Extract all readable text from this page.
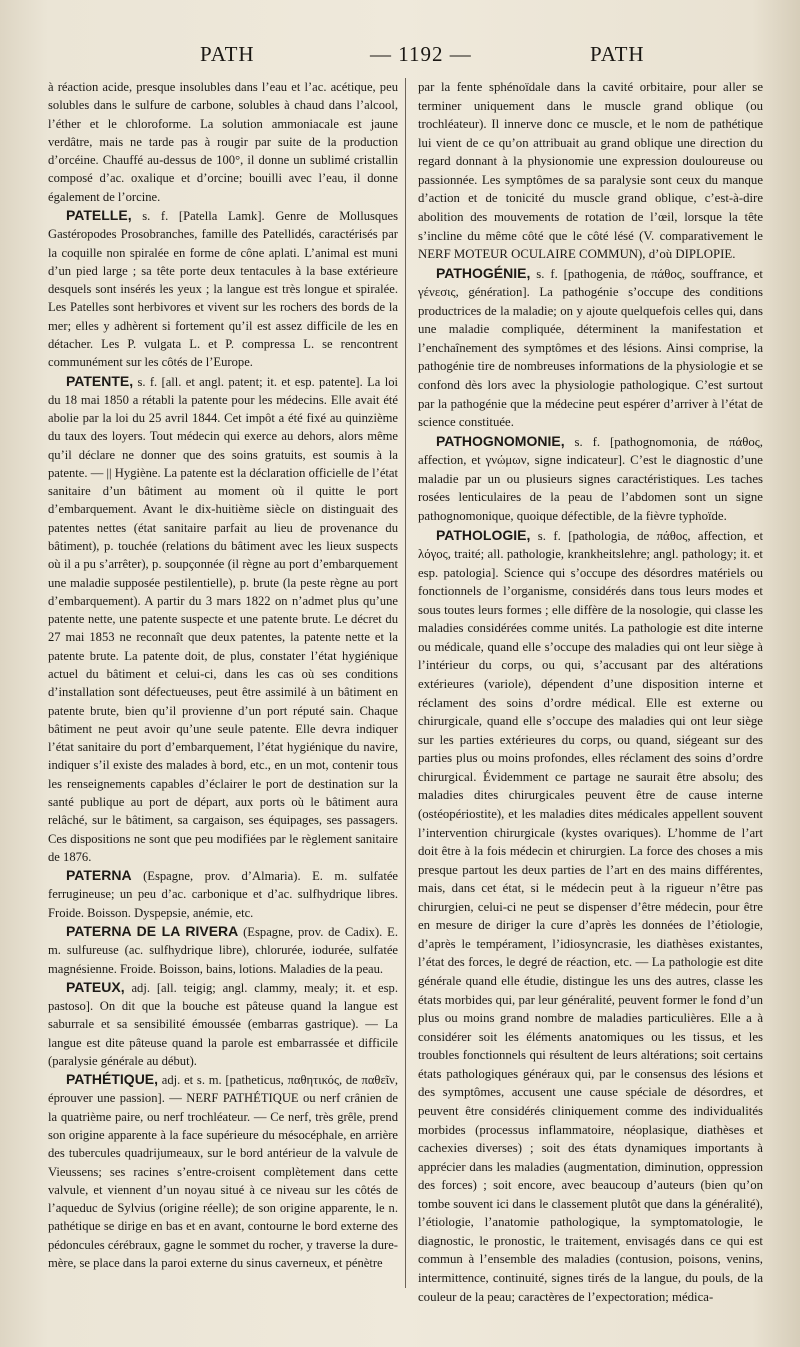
PATH	— 1192 —	PATH

à réaction acide, presque insolubles dans l’eau et l’ac. acétique, peu solubles dans le sulfure de carbone, solubles à chaud dans l’alcool, l’éther et le chloroforme. La solution ammoniacale est jaune verdâtre, mais ne tarde pas à rougir par suite de la production d’orcéine. Chauffé au-dessus de 100°, il donne un sublimé cristallin composé d’ac. oxalique et d’orcine; bouilli avec l’eau, il donne également de l’orcine.

PATELLE, s. f. [Patella Lamk]. Genre de Mollusques Gastéropodes Prosobranches, famille des Patellidés, caractérisés par la coquille non spiralée en forme de cône aplati. L’animal est muni d’un pied large ; sa tête porte deux tentacules à la base extérieure desquels sont insérés les yeux ; la langue est très longue et spiralée. Les Patelles sont herbivores et vivent sur les rochers des bords de la mer; elles y adhèrent si fortement qu’il est assez difficile de les en détacher. Les P. vulgata L. et P. compressa L. se rencontrent communément sur les côtés de l’Europe.

PATENTE, s. f. [all. et angl. patent; it. et esp. patente]. La loi du 18 mai 1850 a rétabli la patente pour les médecins. Elle avait été abolie par la loi du 25 avril 1844. Cet impôt a été fixé au quinzième du taux des loyers. Tout médecin qui exerce au dehors, alors même qu’il déclare ne donner que des soins gratuits, est soumis à la patente. — || Hygiène. La patente est la déclaration officielle de l’état sanitaire d’un bâtiment au moment où il quitte le port d’embarquement. Avant le dix-huitième siècle on distinguait des patentes nettes (état sanitaire parfait au lieu de provenance du bâtiment), p. touchée (relations du bâtiment avec les lieux suspects où il a pu s’arrêter), p. soupçonnée (il règne au port d’embarquement une maladie supposée pestilentielle), p. brute (la peste règne au port d’embarquement). A partir du 3 mars 1822 on n’admet plus qu’une patente nette, une patente suspecte et une patente brute. Le décret du 27 mai 1853 ne reconnaît que deux patentes, la patente nette et la patente brute. La patente doit, de plus, constater l’état hygiénique actuel du bâtiment et celui-ci, dans les cas où ses conditions d’installation sont défectueuses, peut être assimilé à un bâtiment en patente brute, bien qu’il provienne d’un port réputé sain. Chaque bâtiment ne peut avoir qu’une seule patente. Elle devra indiquer l’état sanitaire du port d’embarquement, l’état hygiénique du navire, indiquer s’il existe des malades à bord, etc., en un mot, contenir tous les renseignements capables d’éclairer le port de destination sur la santé publique au port de départ, aux ports où le bâtiment aura relâché, sur le bâtiment, sa cargaison, ses équipages, ses passagers. Ces dispositions ne sont que peu modifiées par le règlement sanitaire de 1876.

PATERNA (Espagne, prov. d’Almaria). E. m. sulfatée ferrugineuse; un peu d’ac. carbonique et d’ac. sulfhydrique libres. Froide. Boisson. Dyspepsie, anémie, etc.

PATERNA DE LA RIVERA (Espagne, prov. de Cadix). E. m. sulfureuse (ac. sulfhydrique libre), chlorurée, iodurée, sulfatée magnésienne. Froide. Boisson, bains, lotions. Maladies de la peau.

PATEUX, adj. [all. teigig; angl. clammy, mealy; it. et esp. pastoso]. On dit que la bouche est pâteuse quand la langue est saburrale et sa sensibilité émoussée (embarras gastrique). — La langue est dite pâteuse quand la parole est embarrassée et difficile (paralysie générale au début).

PATHÉTIQUE, adj. et s. m. [patheticus, παθητικός, de παθεῖν, éprouver une passion]. — NERF PATHÉTIQUE ou nerf crânien de la quatrième paire, ou nerf trochléateur. — Ce nerf, très grêle, prend son origine apparente à la face supérieure du mésocéphale, en arrière des tubercules quadrijumeaux, sur le bord antérieur de la valvule de Vieussens; ses racines s’entre-croisent complètement dans cette valvule, et viennent d’un noyau situé à ce niveau sur les côtés de l’aqueduc de Sylvius (origine réelle); de son origine apparente, le n. pathétique se dirige en bas et en avant, contourne le bord externe des pédoncules cérébraux, gagne le sommet du rocher, y traverse la dure-mère, se place dans la paroi externe du sinus caverneux, et pénètre

par la fente sphénoïdale dans la cavité orbitaire, pour aller se terminer uniquement dans le muscle grand oblique (ou trochléateur). Il innerve donc ce muscle, et le nom de pathétique lui vient de ce qu’on attribuait au grand oblique une direction du regard donnant à la physionomie une expression douloureuse ou passionnée. Les symptômes de sa paralysie sont ceux du manque d’action et de tonicité du muscle grand oblique, c’est-à-dire abolition des mouvements de rotation de l’œil, lorsque la tête s’incline du même côté que le côté lésé (V. comparativement le NERF MOTEUR OCULAIRE COMMUN), d’où DIPLOPIE.

PATHOGÉNIE, s. f. [pathogenia, de πάθος, souffrance, et γένεσις, génération]. La pathogénie s’occupe des conditions productrices de la maladie; on y ajoute quelquefois celles qui, dans une maladie compliquée, déterminent la manifestation et l’enchaînement des symptômes et des lésions. Ainsi comprise, la pathogénie tire de nombreuses informations de la physiologie et se confond dès lors avec la physiologie pathologique. C’est surtout par la pathogénie que la médecine peut espérer d’arriver à l’état de science constituée.

PATHOGNOMONIE, s. f. [pathognomonia, de πάθος, affection, et γνώμων, signe indicateur]. C’est le diagnostic d’une maladie par un ou plusieurs signes caractéristiques. Les taches rosées lenticulaires de la peau de l’abdomen sont un signe pathognomonique, quoique défectible, de la fièvre typhoïde.

PATHOLOGIE, s. f. [pathologia, de πάθος, affection, et λόγος, traité; all. pathologie, krankheitslehre; angl. pathology; it. et esp. patologia]. Science qui s’occupe des désordres matériels ou fonctionnels de l’organisme, considérés dans tous leurs modes et sous toutes leurs formes ; elle diffère de la nosologie, qui classe les maladies considérées comme unités. La pathologie est dite interne ou médicale, quand elle s’occupe des maladies qui ont leur siège à l’intérieur du corps, ou qui, s’accusant par des altérations extérieures (variole), dépendent d’une disposition interne et réclament des soins d’ordre médical. Elle est externe ou chirurgicale, quand elle s’occupe des maladies qui ont leur siège sur les parties extérieures du corps, ou quand, siégeant sur des parties plus ou moins profondes, elles réclament des soins d’ordre chirurgical. Évidemment ce partage ne saurait être absolu; des maladies dites chirurgicales peuvent être de cause interne (ostéopériostite), et les maladies dites médicales appellent souvent l’intervention chirurgicale (kystes ovariques). L’homme de l’art doit être à la fois médecin et chirurgien. La force des choses a mis presque partout les deux parties de l’art en des mains différentes, mais, dans cet état, si le médecin peut à la rigueur n’être pas chirurgien, celui-ci ne peut se dispenser d’être médecin, pour être en mesure de diriger la cure d’après les données de l’étiologie, d’après le tempérament, l’idiosyncrasie, les diathèses existantes, l’état des forces, le degré de réaction, etc. — La pathologie est dite générale quand elle étudie, distingue les uns des autres, classe les états morbides qui, par leur généralité, peuvent former le fond d’un plus ou moins grand nombre de maladies particulières. Elle a à considérer soit les éléments anatomiques ou les tissus, et les troubles fonctionnels qui résultent de leurs altérations; soit certains états pathologiques généraux qui, par le consensus des lésions et des symptômes, accusent une cause spéciale de désordres, et peuvent être considérés cliniquement comme des individualités morbides (processus inflammatoire, néoplasique, diathèses et cachexies diverses) ; soit des états dynamiques importants à apprécier dans les maladies (augmentation, diminution, oppression des forces) ; soit encore, avec beaucoup d’auteurs (bien qu’on tombe souvent ici dans le classement plutôt que dans la généralité), l’étiologie, l’anatomie pathologique, la symptomatologie, le diagnostic, le pronostic, le traitement, envisagés dans ce qui est commun à l’ensemble des maladies (contusion, poisons, venins, intermittence, continuité, signes tirés de la langue, du pouls, de la couleur de la peau; caractères de l’expectoration; médica-
